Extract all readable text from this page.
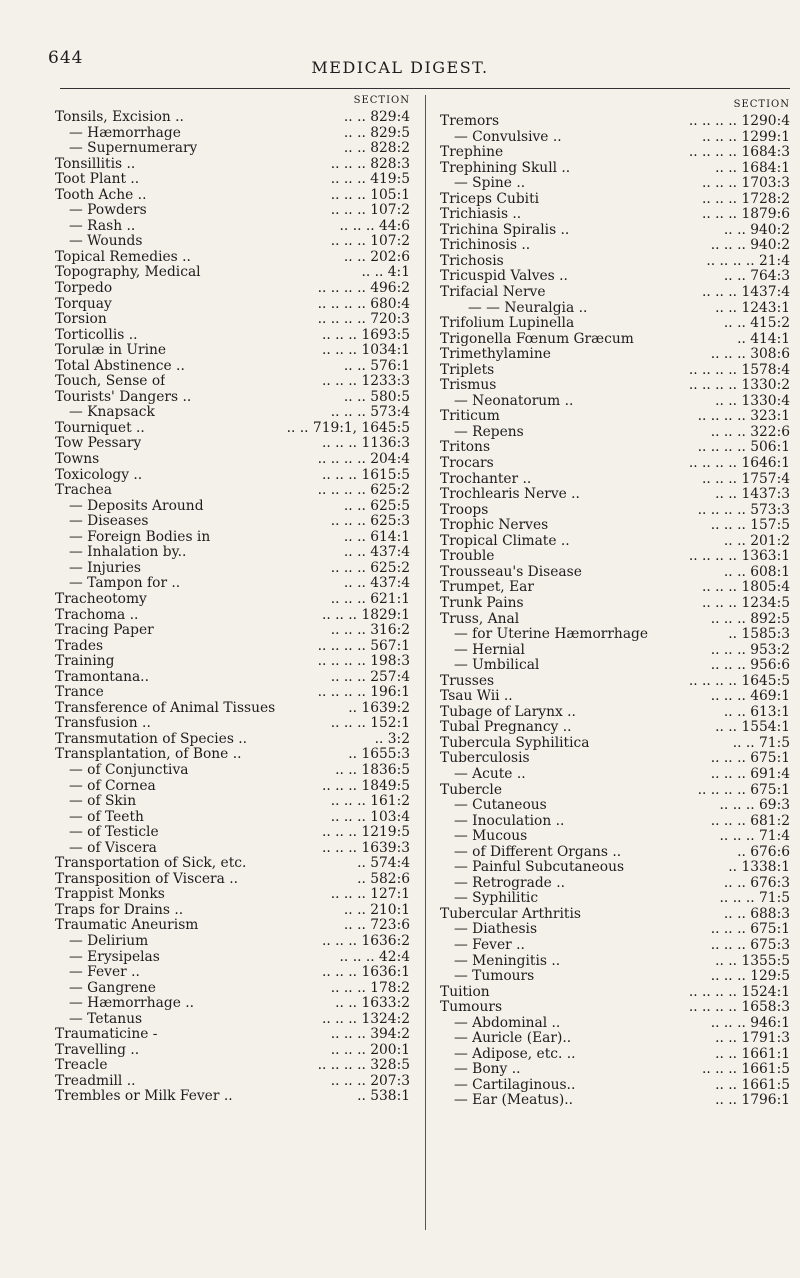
644	MEDICAL DIGEST.
SECTION
Tonsils, Excision ..	.. .. 829:4
— Hæmorrhage	.. .. 829:5
— Supernumerary	.. .. 828:2
Tonsillitis ..	.. .. .. 828:3
Toot Plant ..	.. .. .. 419:5
Tooth Ache ..	.. .. .. 105:1
— Powders	.. .. .. 107:2
— Rash ..	.. .. .. 44:6
— Wounds	.. .. .. 107:2
Topical Remedies ..	.. .. 202:6
Topography, Medical	.. .. 4:1
Torpedo	.. .. .. .. 496:2
Torquay	.. .. .. .. 680:4
Torsion	.. .. .. .. 720:3
Torticollis ..	.. .. .. 1693:5
Torulæ in Urine	.. .. .. 1034:1
Total Abstinence ..	.. .. 576:1
Touch, Sense of	.. .. .. 1233:3
Tourists' Dangers ..	.. .. 580:5
— Knapsack	.. .. .. 573:4
Tourniquet ..	.. .. 719:1, 1645:5
Tow Pessary	.. .. .. 1136:3
Towns	.. .. .. .. 204:4
Toxicology ..	.. .. .. 1615:5
Trachea	.. .. .. .. 625:2
— Deposits Around	.. .. 625:5
— Diseases	.. .. .. 625:3
— Foreign Bodies in	.. .. 614:1
— Inhalation by..	.. .. 437:4
— Injuries	.. .. .. 625:2
— Tampon for ..	.. .. 437:4
Tracheotomy	.. .. .. 621:1
Trachoma ..	.. .. .. 1829:1
Tracing Paper	.. .. .. 316:2
Trades	.. .. .. .. 567:1
Training	.. .. .. .. 198:3
Tramontana..	.. .. .. 257:4
Trance	.. .. .. .. 196:1
Transference of Animal Tissues	.. 1639:2
Transfusion ..	.. .. .. 152:1
Transmutation of Species ..	.. 3:2
Transplantation, of Bone ..	.. 1655:3
— of Conjunctiva	.. .. 1836:5
— of Cornea	.. .. .. 1849:5
— of Skin	.. .. .. 161:2
— of Teeth	.. .. .. 103:4
— of Testicle	.. .. .. 1219:5
— of Viscera	.. .. .. 1639:3
Transportation of Sick, etc.	.. 574:4
Transposition of Viscera ..	.. 582:6
Trappist Monks	.. .. .. 127:1
Traps for Drains ..	.. .. 210:1
Traumatic Aneurism	.. .. 723:6
— Delirium	.. .. .. 1636:2
— Erysipelas	.. .. .. 42:4
— Fever ..	.. .. .. 1636:1
— Gangrene	.. .. .. 178:2
— Hæmorrhage ..	.. .. 1633:2
— Tetanus	.. .. .. 1324:2
Traumaticine -	.. .. .. 394:2
Travelling ..	.. .. .. 200:1
Treacle	.. .. .. .. 328:5
Treadmill ..	.. .. .. 207:3
Trembles or Milk Fever ..	.. 538:1
SECTION
Tremors	.. .. .. .. 1290:4
— Convulsive ..	.. .. .. 1299:1
Trephine	.. .. .. .. 1684:3
Trephining Skull ..	.. .. 1684:1
— Spine ..	.. .. .. 1703:3
Triceps Cubiti	.. .. .. 1728:2
Trichiasis ..	.. .. .. 1879:6
Trichina Spiralis ..	.. .. 940:2
Trichinosis ..	.. .. .. 940:2
Trichosis	.. .. .. .. 21:4
Tricuspid Valves ..	.. .. 764:3
Trifacial Nerve	.. .. .. 1437:4
— — Neuralgia ..	.. .. 1243:1
Trifolium Lupinella	.. .. 415:2
Trigonella Fœnum Græcum	.. 414:1
Trimethylamine	.. .. .. 308:6
Triplets	.. .. .. .. 1578:4
Trismus	.. .. .. .. 1330:2
— Neonatorum ..	.. .. 1330:4
Triticum	.. .. .. .. 323:1
— Repens	.. .. .. 322:6
Tritons	.. .. .. .. 506:1
Trocars	.. .. .. .. 1646:1
Trochanter ..	.. .. .. 1757:4
Trochlearis Nerve ..	.. .. 1437:3
Troops	.. .. .. .. 573:3
Trophic Nerves	.. .. .. 157:5
Tropical Climate ..	.. .. 201:2
Trouble	.. .. .. .. 1363:1
Trousseau's Disease	.. .. 608:1
Trumpet, Ear	.. .. .. 1805:4
Trunk Pains	.. .. .. 1234:5
Truss, Anal	.. .. .. 892:5
— for Uterine Hæmorrhage	.. 1585:3
— Hernial	.. .. .. 953:2
— Umbilical	.. .. .. 956:6
Trusses	.. .. .. .. 1645:5
Tsau Wii ..	.. .. .. 469:1
Tubage of Larynx ..	.. .. 613:1
Tubal Pregnancy ..	.. .. 1554:1
Tubercula Syphilitica	.. .. 71:5
Tuberculosis	.. .. .. 675:1
— Acute ..	.. .. .. 691:4
Tubercle	.. .. .. .. 675:1
— Cutaneous	.. .. .. 69:3
— Inoculation ..	.. .. .. 681:2
— Mucous	.. .. .. 71:4
— of Different Organs ..	.. 676:6
— Painful Subcutaneous	.. 1338:1
— Retrograde ..	.. .. 676:3
— Syphilitic	.. .. .. 71:5
Tubercular Arthritis	.. .. 688:3
— Diathesis	.. .. .. 675:1
— Fever ..	.. .. .. 675:3
— Meningitis ..	.. .. 1355:5
— Tumours	.. .. .. 129:5
Tuition	.. .. .. .. 1524:1
Tumours	.. .. .. .. 1658:3
— Abdominal ..	.. .. .. 946:1
— Auricle (Ear)..	.. .. 1791:3
— Adipose, etc. ..	.. .. 1661:1
— Bony ..	.. .. .. 1661:5
— Cartilaginous..	.. .. 1661:5
— Ear (Meatus)..	.. .. 1796:1
